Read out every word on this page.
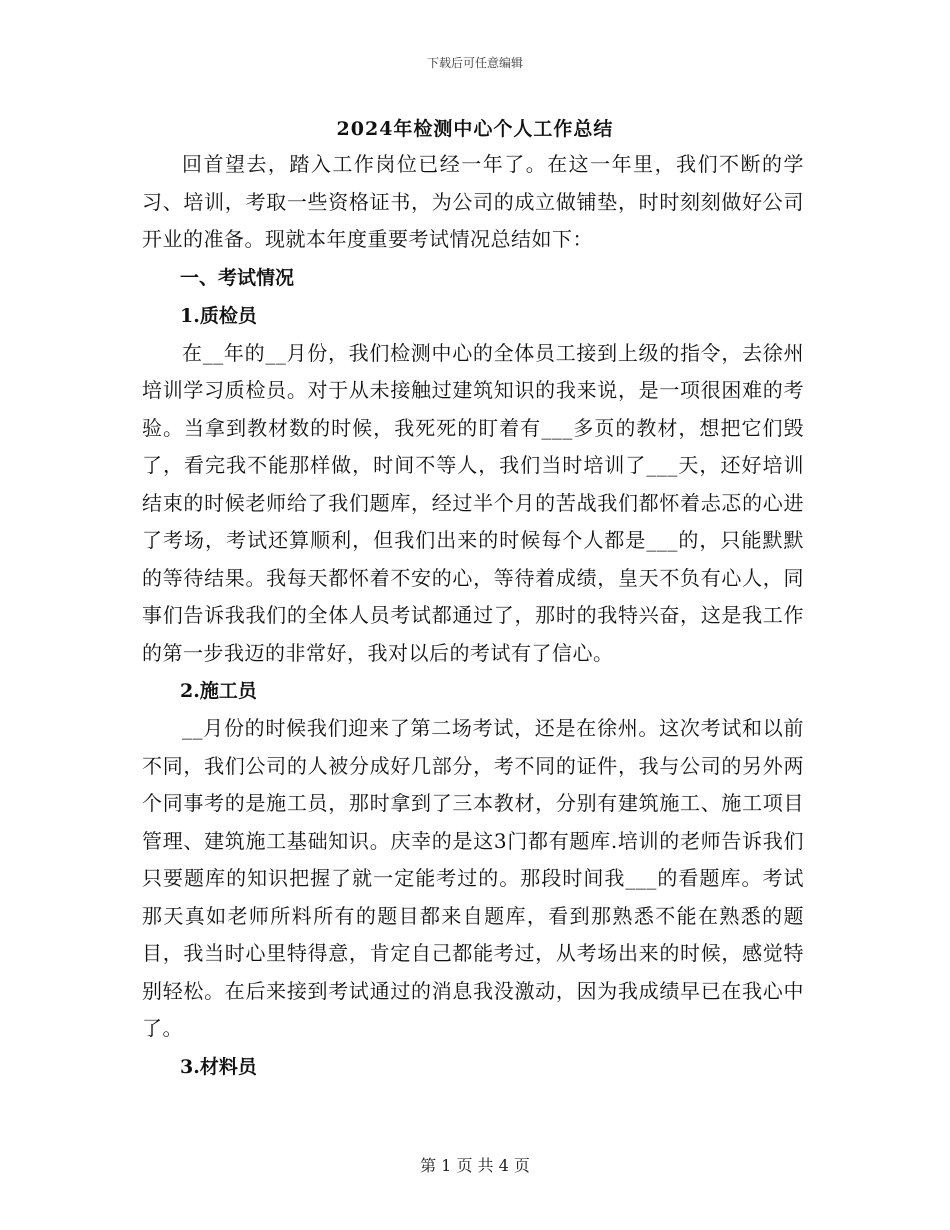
下载后可任意编辑
2024年检测中心个人工作总结

回首望去，踏入工作岗位已经一年了。在这一年里，我们不断的学习、培训，考取一些资格证书，为公司的成立做铺垫，时时刻刻做好公司开业的准备。现就本年度重要考试情况总结如下：

一、考试情况
1.质检员

在__年的__月份，我们检测中心的全体员工接到上级的指令，去徐州培训学习质检员。对于从未接触过建筑知识的我来说，是一项很困难的考验。当拿到教材数的时候，我死死的盯着有___多页的教材，想把它们毁了，看完我不能那样做，时间不等人，我们当时培训了___天，还好培训结束的时候老师给了我们题库，经过半个月的苦战我们都怀着忐忑的心进了考场，考试还算顺利，但我们出来的时候每个人都是___的，只能默默的等待结果。我每天都怀着不安的心，等待着成绩，皇天不负有心人，同事们告诉我我们的全体人员考试都通过了，那时的我特兴奋，这是我工作的第一步我迈的非常好，我对以后的考试有了信心。

2.施工员

__月份的时候我们迎来了第二场考试，还是在徐州。这次考试和以前不同，我们公司的人被分成好几部分，考不同的证件，我与公司的另外两个同事考的是施工员，那时拿到了三本教材，分别有建筑施工、施工项目管理、建筑施工基础知识。庆幸的是这3门都有题库.培训的老师告诉我们只要题库的知识把握了就一定能考过的。那段时间我___的看题库。考试那天真如老师所料所有的题目都来自题库，看到那熟悉不能在熟悉的题目，我当时心里特得意，肯定自己都能考过，从考场出来的时候，感觉特别轻松。在后来接到考试通过的消息我没激动，因为我成绩早已在我心中了。

3.材料员
第 1 页 共 4 页
